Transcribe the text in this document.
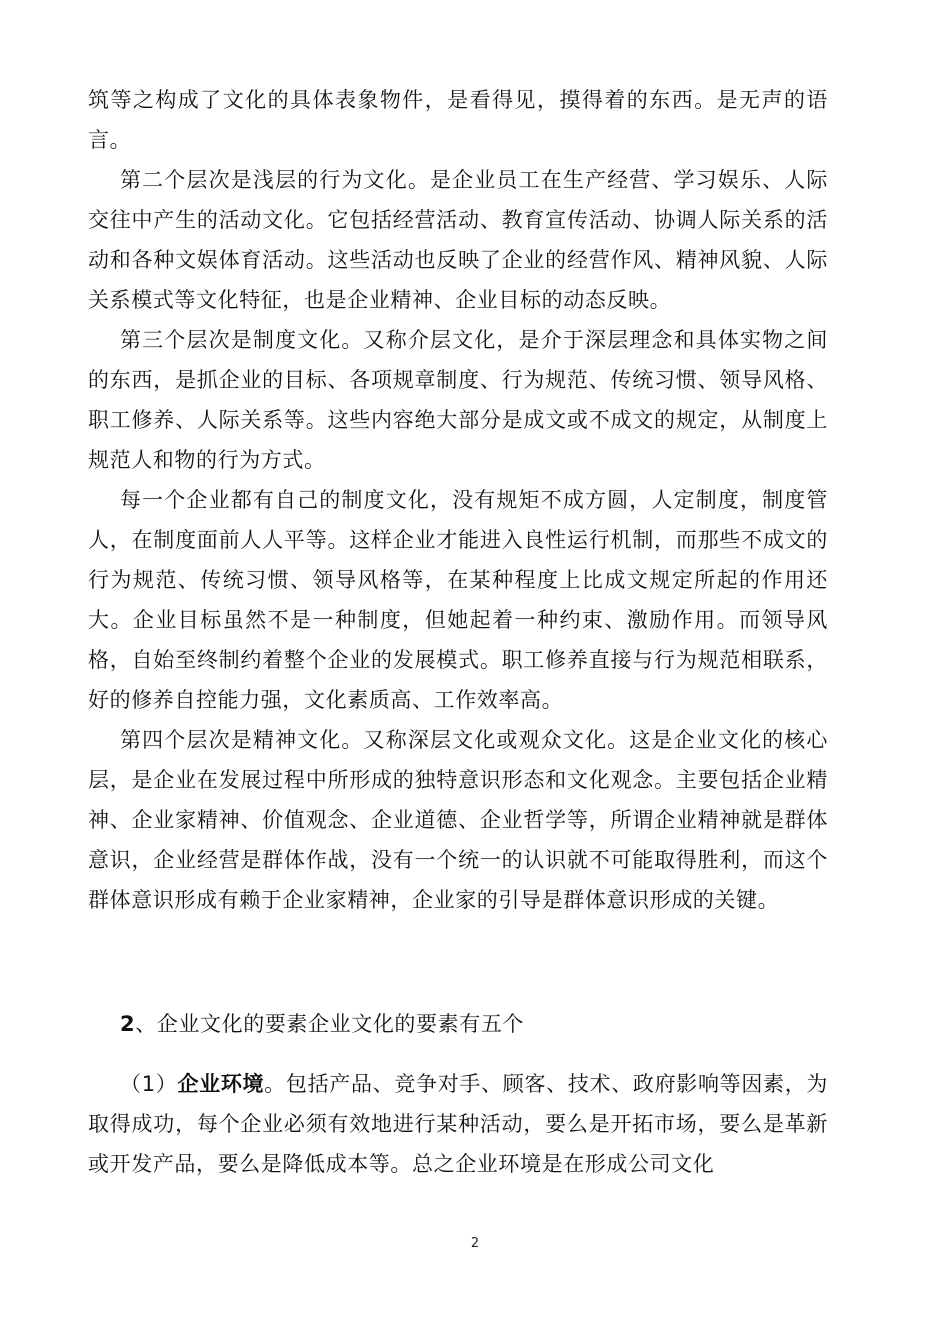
筑等之构成了文化的具体表象物件，是看得见，摸得着的东西。是无声的语言。

第二个层次是浅层的行为文化。是企业员工在生产经营、学习娱乐、人际交往中产生的活动文化。它包括经营活动、教育宣传活动、协调人际关系的活动和各种文娱体育活动。这些活动也反映了企业的经营作风、精神风貌、人际关系模式等文化特征，也是企业精神、企业目标的动态反映。

第三个层次是制度文化。又称介层文化，是介于深层理念和具体实物之间的东西，是抓企业的目标、各项规章制度、行为规范、传统习惯、领导风格、职工修养、人际关系等。这些内容绝大部分是成文或不成文的规定，从制度上规范人和物的行为方式。

每一个企业都有自己的制度文化，没有规矩不成方圆，人定制度，制度管人，在制度面前人人平等。这样企业才能进入良性运行机制，而那些不成文的行为规范、传统习惯、领导风格等，在某种程度上比成文规定所起的作用还大。企业目标虽然不是一种制度，但她起着一种约束、激励作用。而领导风格，自始至终制约着整个企业的发展模式。职工修养直接与行为规范相联系，好的修养自控能力强，文化素质高、工作效率高。

第四个层次是精神文化。又称深层文化或观众文化。这是企业文化的核心层，是企业在发展过程中所形成的独特意识形态和文化观念。主要包括企业精神、企业家精神、价值观念、企业道德、企业哲学等，所谓企业精神就是群体意识，企业经营是群体作战，没有一个统一的认识就不可能取得胜利，而这个群体意识形成有赖于企业家精神，企业家的引导是群体意识形成的关键。

2、企业文化的要素企业文化的要素有五个

（1）企业环境。包括产品、竞争对手、顾客、技术、政府影响等因素，为取得成功，每个企业必须有效地进行某种活动，要么是开拓市场，要么是革新或开发产品，要么是降低成本等。总之企业环境是在形成公司文化

2
